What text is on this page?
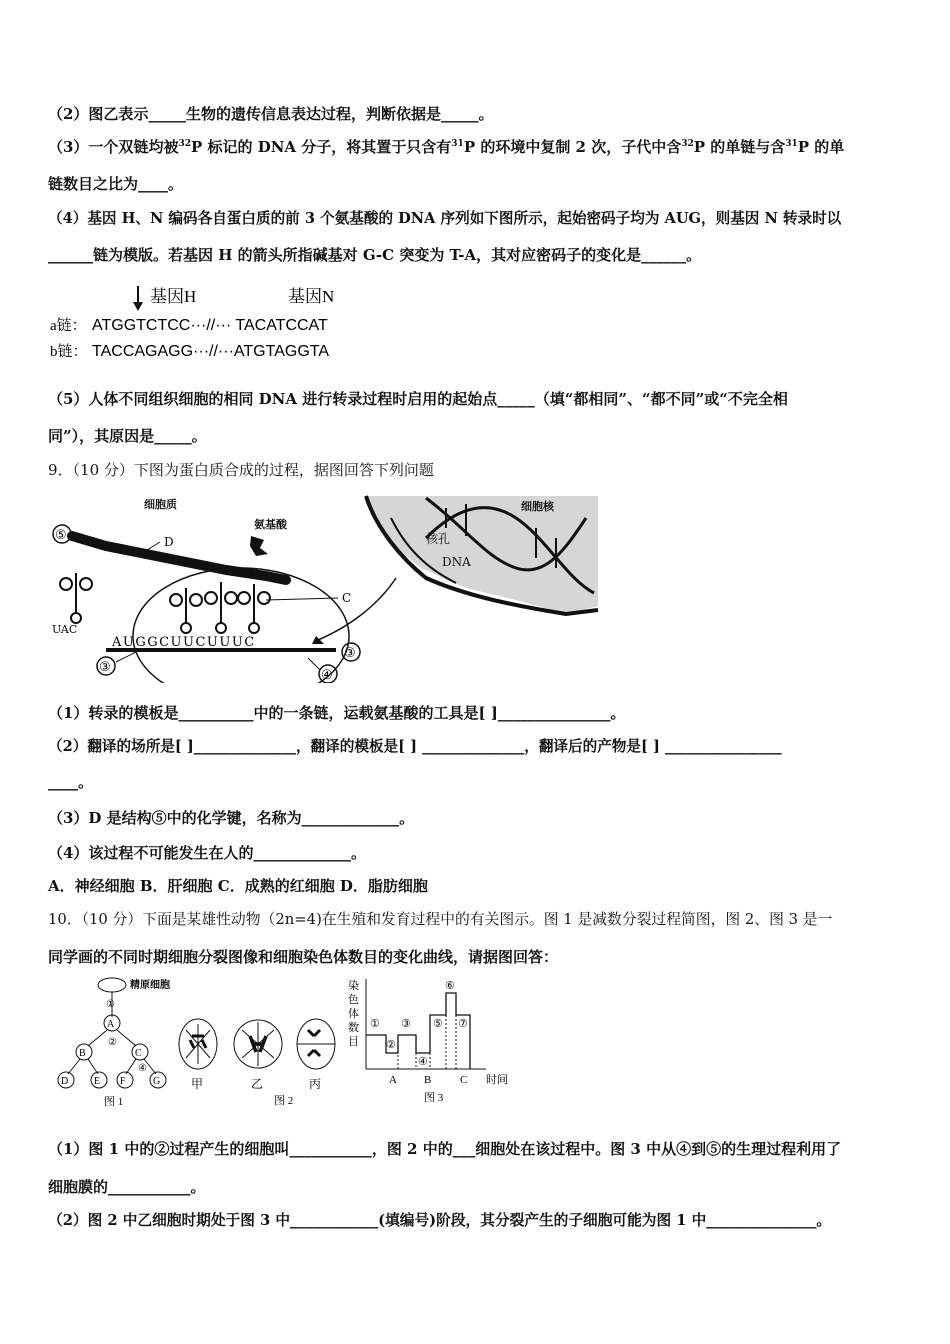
（2）图乙表示_____生物的遗传信息表达过程，判断依据是_____。
（3）一个双链均被$^{32}$P 标记的 DNA 分子，将其置于只含有$^{31}$P 的环境中复制 2 次，子代中含$^{32}$P 的单链与含$^{31}$P 的单
链数目之比为____。
（4）基因 H、N 编码各自蛋白质的前 3 个氨基酸的 DNA 序列如下图所示，起始密码子均为 AUG，则基因 N 转录时以
______链为模版。若基因 H 的箭头所指碱基对 G-C 突变为 T-A，其对应密码子的变化是______。
基因H	基因N
a链： ATGGTCTCC···//··· TACATCCAT
b链： TACCAGAGG···//···ATGTAGGTA
（5）人体不同组织细胞的相同 DNA 进行转录过程时启用的起始点_____（填“都相同”、“都不同”或“不完全相
同”），其原因是_____。
9．（10 分）下图为蛋白质合成的过程，据图回答下列问题
核孔
DNA
细胞核
细胞质
氨基酸
⑤	D
UAC
C
AUGGCUUCUUUC
③
③
④
（1）转录的模板是__________中的一条链，运载氨基酸的工具是[ ]_______________。
（2）翻译的场所是[ ]______________，翻译的模板是[ ] ______________，翻译后的产物是[ ] ________________
____。
（3）D 是结构⑤中的化学键，名称为_____________。
（4）该过程不可能发生在人的_____________。
A．神经细胞 B．肝细胞 C．成熟的红细胞 D．脂肪细胞
10．（10 分）下面是某雄性动物（2n=4)在生殖和发育过程中的有关图示。图 1 是减数分裂过程简图，图 2、图 3 是一
同学画的不同时期细胞分裂图像和细胞染色体数目的变化曲线，请据图回答：
精原细胞
①
A
②
B	C
④
D	E F	G
图 1
甲	乙	丙
图 2
染
色
体
数
目
①
②
③
④
⑤
⑥
⑦
A B	C 时间
图 3
（1）图 1 中的②过程产生的细胞叫___________，图 2 中的___细胞处在该过程中。图 3 中从④到⑤的生理过程利用了
细胞膜的___________。
（2）图 2 中乙细胞时期处于图 3 中____________(填编号)阶段，其分裂产生的子细胞可能为图 1 中_______________。
